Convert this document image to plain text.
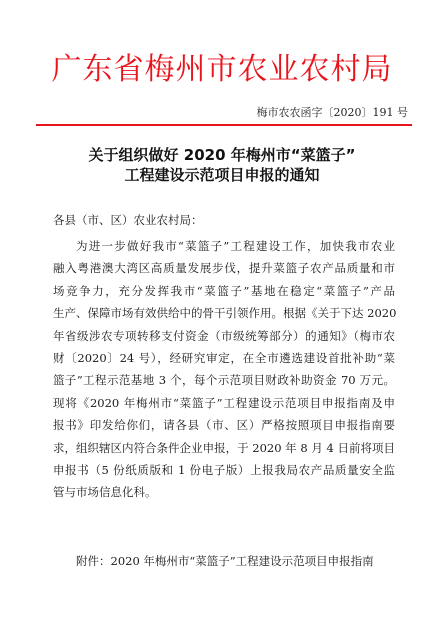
广东省梅州市农业农村局
梅市农农函字〔2020〕191 号
关于组织做好 2020 年梅州市“菜篮子”
工程建设示范项目申报的通知
各县（市、区）农业农村局：
为进一步做好我市“菜篮子”工程建设工作，加快我市农业
融入粤港澳大湾区高质量发展步伐，提升菜篮子农产品质量和市
场竞争力，充分发挥我市“菜篮子”基地在稳定“菜篮子”产品
生产、保障市场有效供给中的骨干引领作用。根据《关于下达 2020
年省级涉农专项转移支付资金（市级统筹部分）的通知》（梅市农
财〔2020〕24 号），经研究审定，在全市遴选建设首批补助“菜
篮子”工程示范基地 3 个，每个示范项目财政补助资金 70 万元。
现将《2020 年梅州市“菜篮子”工程建设示范项目申报指南及申
报书》印发给你们，请各县（市、区）严格按照项目申报指南要
求，组织辖区内符合条件企业申报，于 2020 年 8 月 4 日前将项目
申报书（5 份纸质版和 1 份电子版）上报我局农产品质量安全监
管与市场信息化科。
附件：2020 年梅州市“菜篮子”工程建设示范项目申报指南
